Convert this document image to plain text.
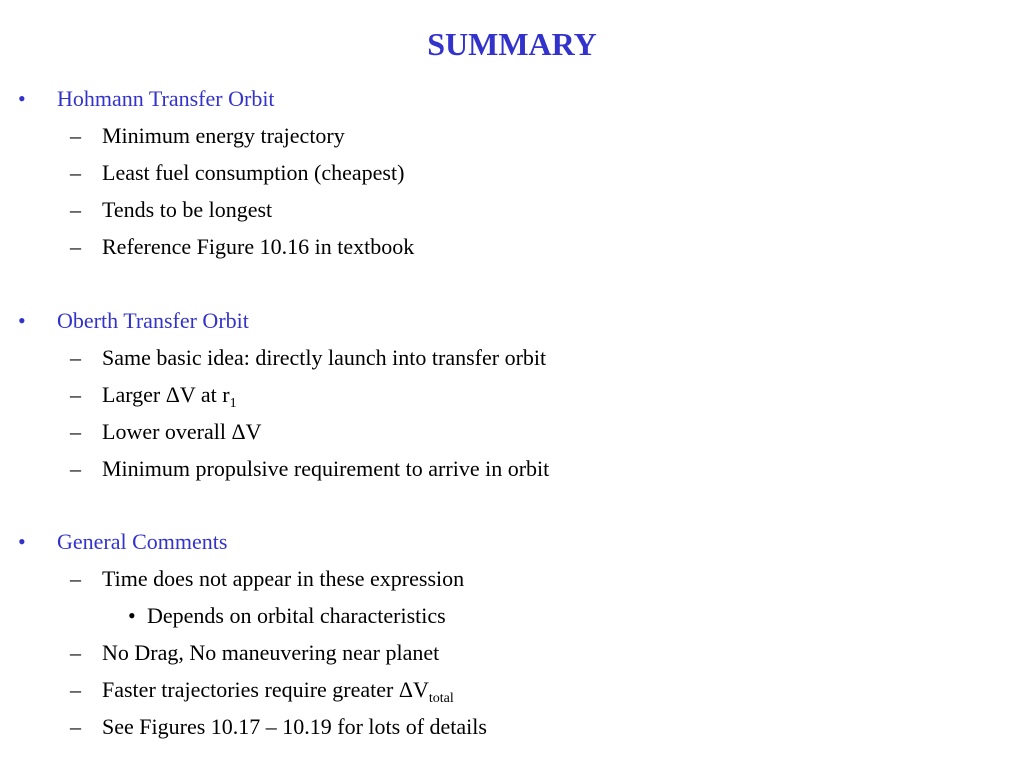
SUMMARY
• Hohmann Transfer Orbit
– Minimum energy trajectory
– Least fuel consumption (cheapest)
– Tends to be longest
– Reference Figure 10.16 in textbook
• Oberth Transfer Orbit
– Same basic idea: directly launch into transfer orbit
– Larger ΔV at $r_1$
– Lower overall ΔV
– Minimum propulsive requirement to arrive in orbit
• General Comments
– Time does not appear in these expression
• Depends on orbital characteristics
– No Drag, No maneuvering near planet
– Faster trajectories require greater $\Delta V_{total}$
– See Figures 10.17 – 10.19 for lots of details
